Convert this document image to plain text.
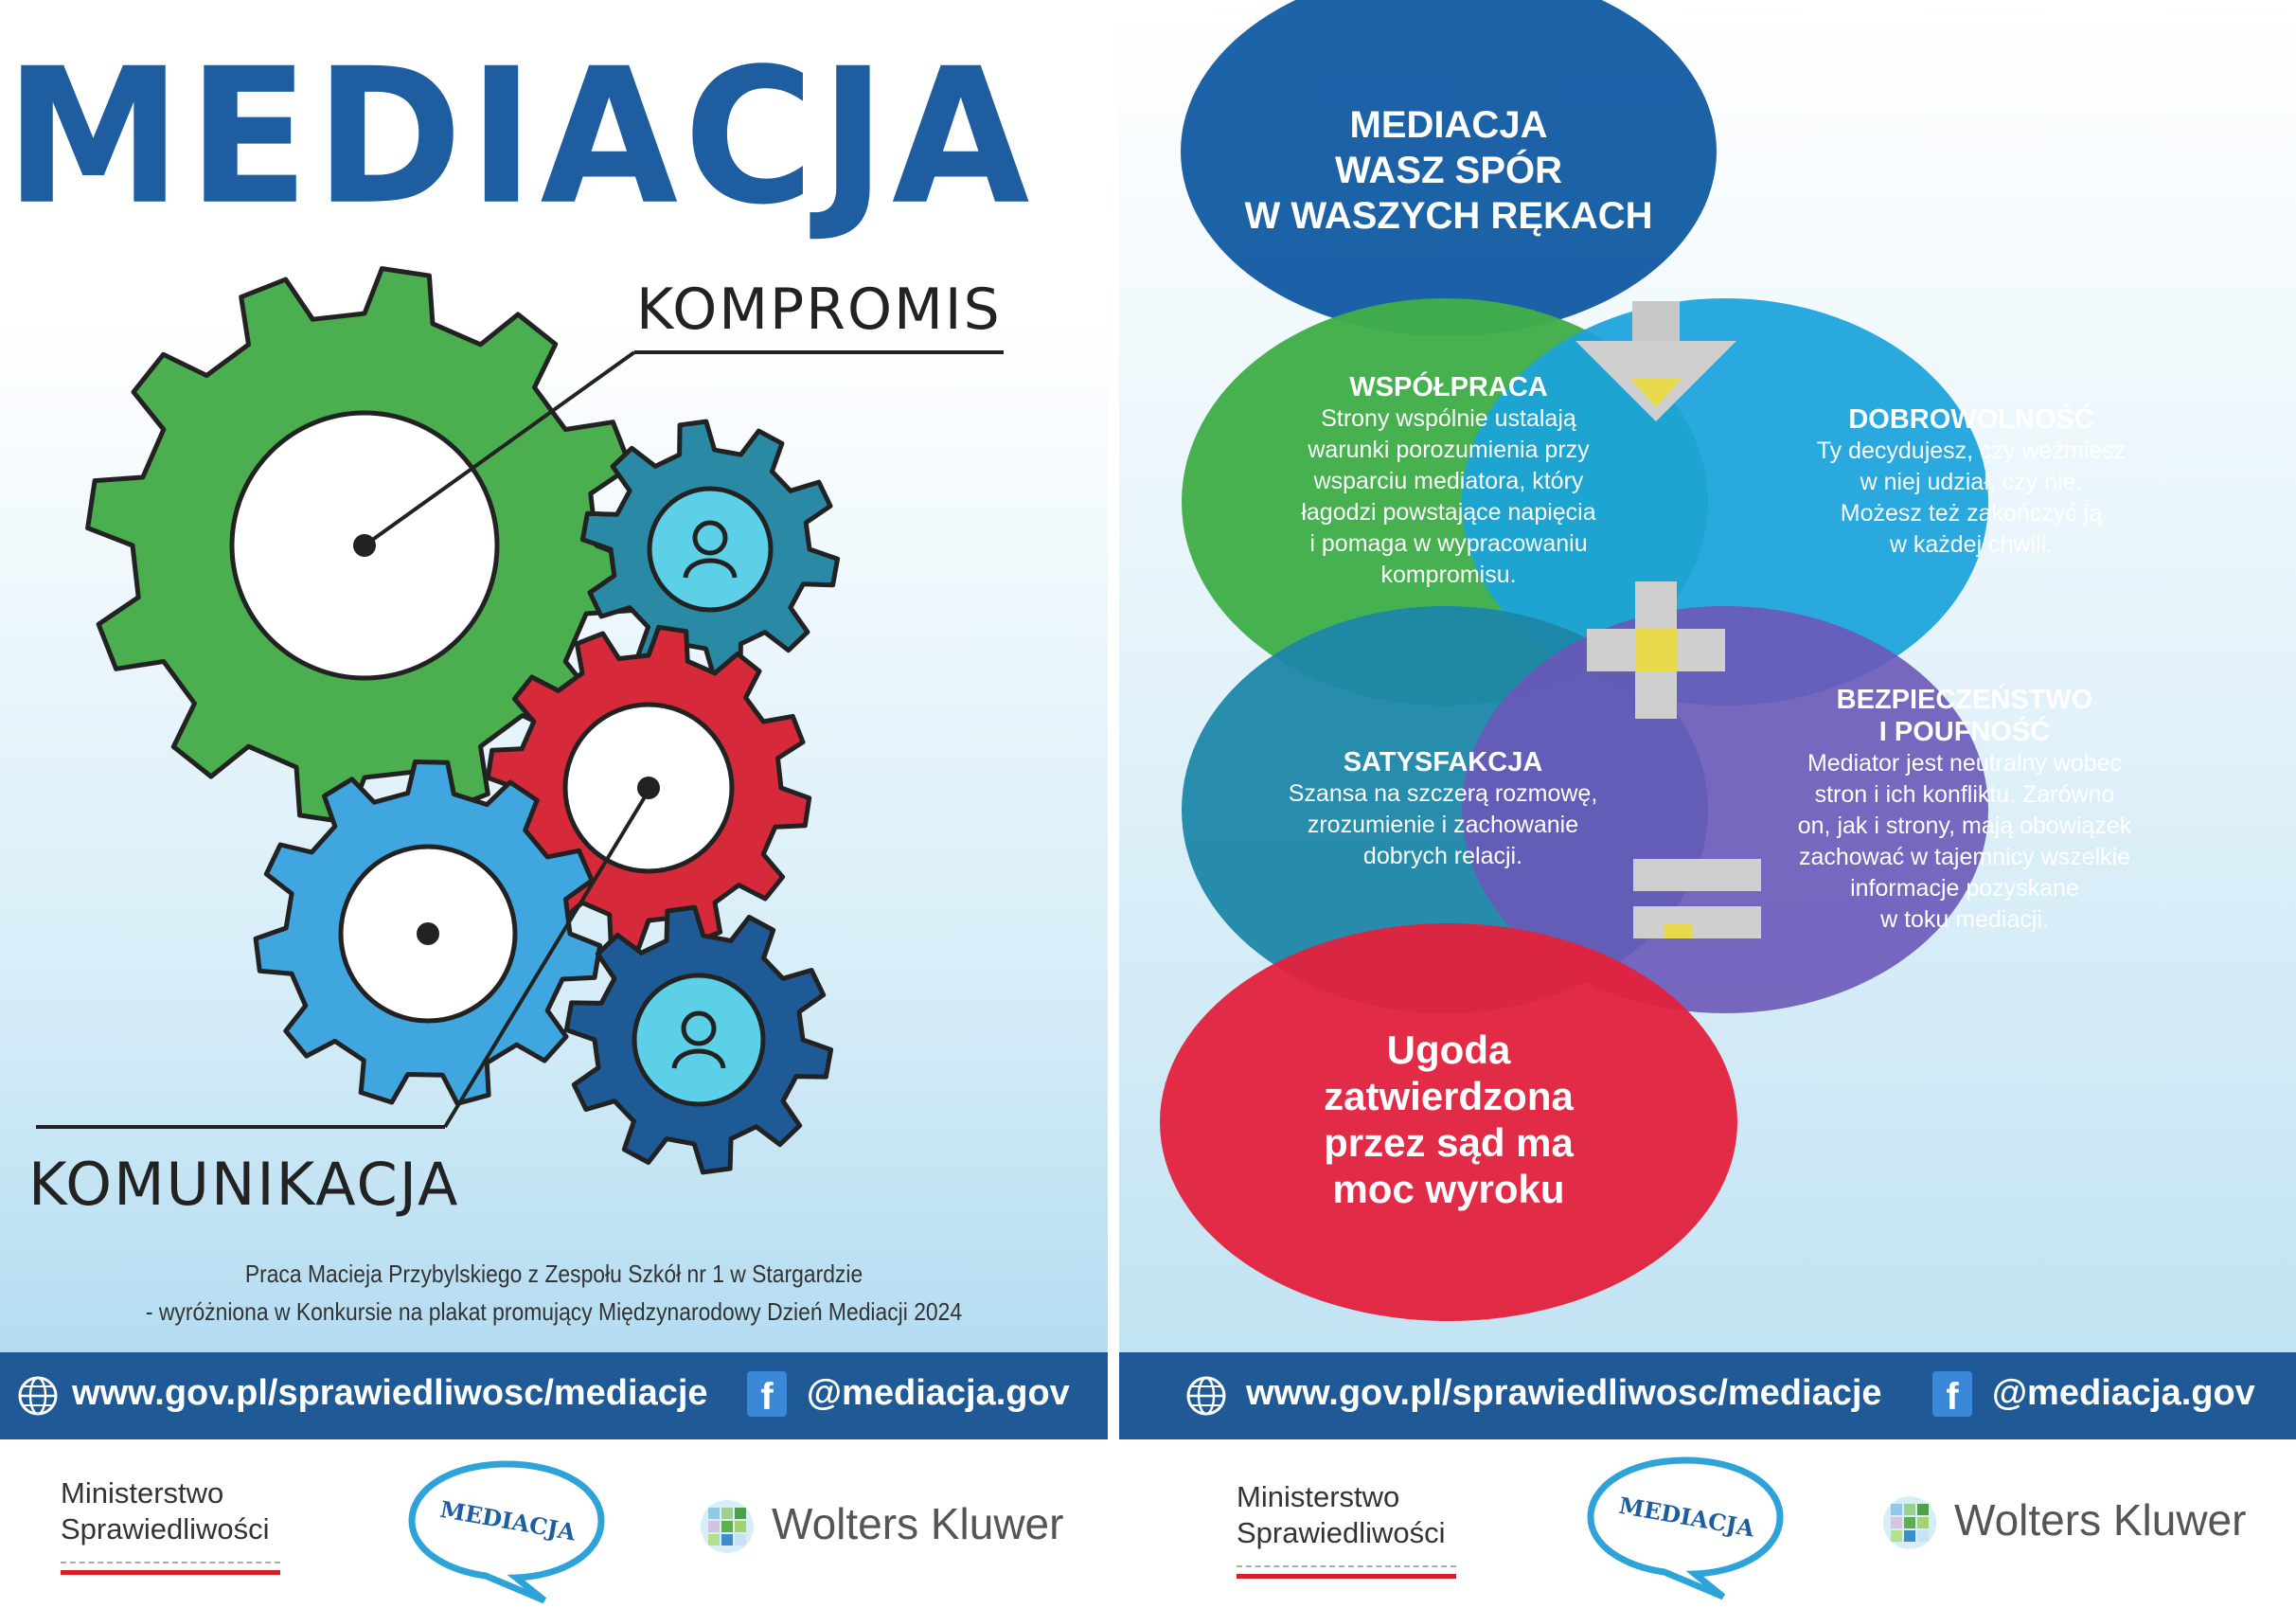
MEDIACJA
KOMPROMIS
KOMUNIKACJA
Praca Macieja Przybylskiego z Zespołu Szkół nr 1 w Stargardzie
- wyróżniona w Konkursie na plakat promujący Międzynarodowy Dzień Mediacji 2024
www.gov.pl/sprawiedliwosc/mediacje	f @mediacja.gov
Ministerstwo
Sprawiedliwości	MEDIACJA	Wolters Kluwer
MEDIACJA
WASZ SPÓR
W WASZYCH RĘKACH
WSPÓŁPRACA
Strony wspólnie ustalają
warunki porozumienia przy
wsparciu mediatora, który
łagodzi powstające napięcia
i pomaga w wypracowaniu
kompromisu.
DOBROWOLNOŚĆ
Ty decydujesz, czy weźmiesz
w niej udział, czy nie.
Możesz też zakończyć ją
w każdej chwili.
SATYSFAKCJA
Szansa na szczerą rozmowę,
zrozumienie i zachowanie
dobrych relacji.
BEZPIECZEŃSTWO
I POUFNOŚĆ
Mediator jest neutralny wobec
stron i ich konfliktu. Zarówno
on, jak i strony, mają obowiązek
zachować w tajemnicy wszelkie
informacje pozyskane
w toku mediacji.
Ugoda
zatwierdzona
przez sąd ma
moc wyroku
www.gov.pl/sprawiedliwosc/mediacje	f @mediacja.gov
Ministerstwo
Sprawiedliwości	MEDIACJA	Wolters Kluwer
